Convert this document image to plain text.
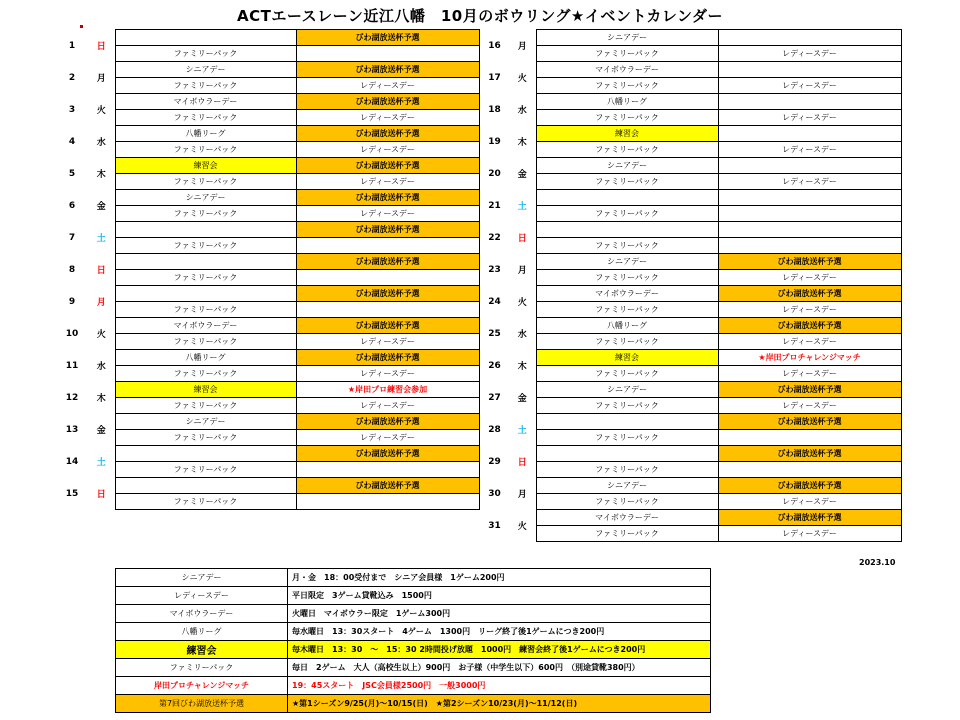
ACTエースレーン近江八幡　10月のボウリング★イベントカレンダー
1	日		びわ湖放送杯予選
		ファミリーパック	
2	月	シニアデー	びわ湖放送杯予選
		ファミリーパック	レディースデー
3	火	マイボウラーデー	びわ湖放送杯予選
		ファミリーパック	レディースデー
4	水	八幡リーグ	びわ湖放送杯予選
		ファミリーパック	レディースデー
5	木	練習会	びわ湖放送杯予選
		ファミリーパック	レディースデー
6	金	シニアデー	びわ湖放送杯予選
		ファミリーパック	レディースデー
7	土		びわ湖放送杯予選
		ファミリーパック	
8	日		びわ湖放送杯予選
		ファミリーパック	
9	月		びわ湖放送杯予選
		ファミリーパック	
10	火	マイボウラーデー	びわ湖放送杯予選
		ファミリーパック	レディースデー
11	水	八幡リーグ	びわ湖放送杯予選
		ファミリーパック	レディースデー
12	木	練習会	★岸田プロ練習会参加
		ファミリーパック	レディースデー
13	金	シニアデー	びわ湖放送杯予選
		ファミリーパック	レディースデー
14	土		びわ湖放送杯予選
		ファミリーパック	
15	日		びわ湖放送杯予選
		ファミリーパック	
16	月	シニアデー	
		ファミリーパック	レディースデー
17	火	マイボウラーデー	
		ファミリーパック	レディースデー
18	水	八幡リーグ	
		ファミリーパック	レディースデー
19	木	練習会	
		ファミリーパック	レディースデー
20	金	シニアデー	
		ファミリーパック	レディースデー
21	土		
		ファミリーパック	
22	日		
		ファミリーパック	
23	月	シニアデー	びわ湖放送杯予選
		ファミリーパック	レディースデー
24	火	マイボウラーデー	びわ湖放送杯予選
		ファミリーパック	レディースデー
25	水	八幡リーグ	びわ湖放送杯予選
		ファミリーパック	レディースデー
26	木	練習会	★岸田プロチャレンジマッチ
		ファミリーパック	レディースデー
27	金	シニアデー	びわ湖放送杯予選
		ファミリーパック	レディースデー
28	土		びわ湖放送杯予選
		ファミリーパック	
29	日		びわ湖放送杯予選
		ファミリーパック	
30	月	シニアデー	びわ湖放送杯予選
		ファミリーパック	レディースデー
31	火	マイボウラーデー	びわ湖放送杯予選
		ファミリーパック	レディースデー
2023.10
シニアデー	月・金　18：00受付まで　シニア会員様　1ゲーム200円
レディースデー	平日限定　3ゲーム貸靴込み　1500円
マイボウラーデー	火曜日　マイボウラー限定　1ゲーム300円
八幡リーグ	毎水曜日　13：30スタート　4ゲーム　1300円　リーグ終了後1ゲームにつき200円
練習会	毎木曜日　13：30　～　15：30 2時間投げ放題　1000円　練習会終了後1ゲームにつき200円
ファミリーパック	毎日　2ゲーム　大人（高校生以上）900円　お子様（中学生以下）600円　（別途貸靴380円）
岸田プロチャレンジマッチ	19：45スタート　JSC会員様2500円　一般3000円
第7回びわ湖放送杯予選	★第1シーズン9/25(月)～10/15(日)　★第2シーズン10/23(月)～11/12(日)
